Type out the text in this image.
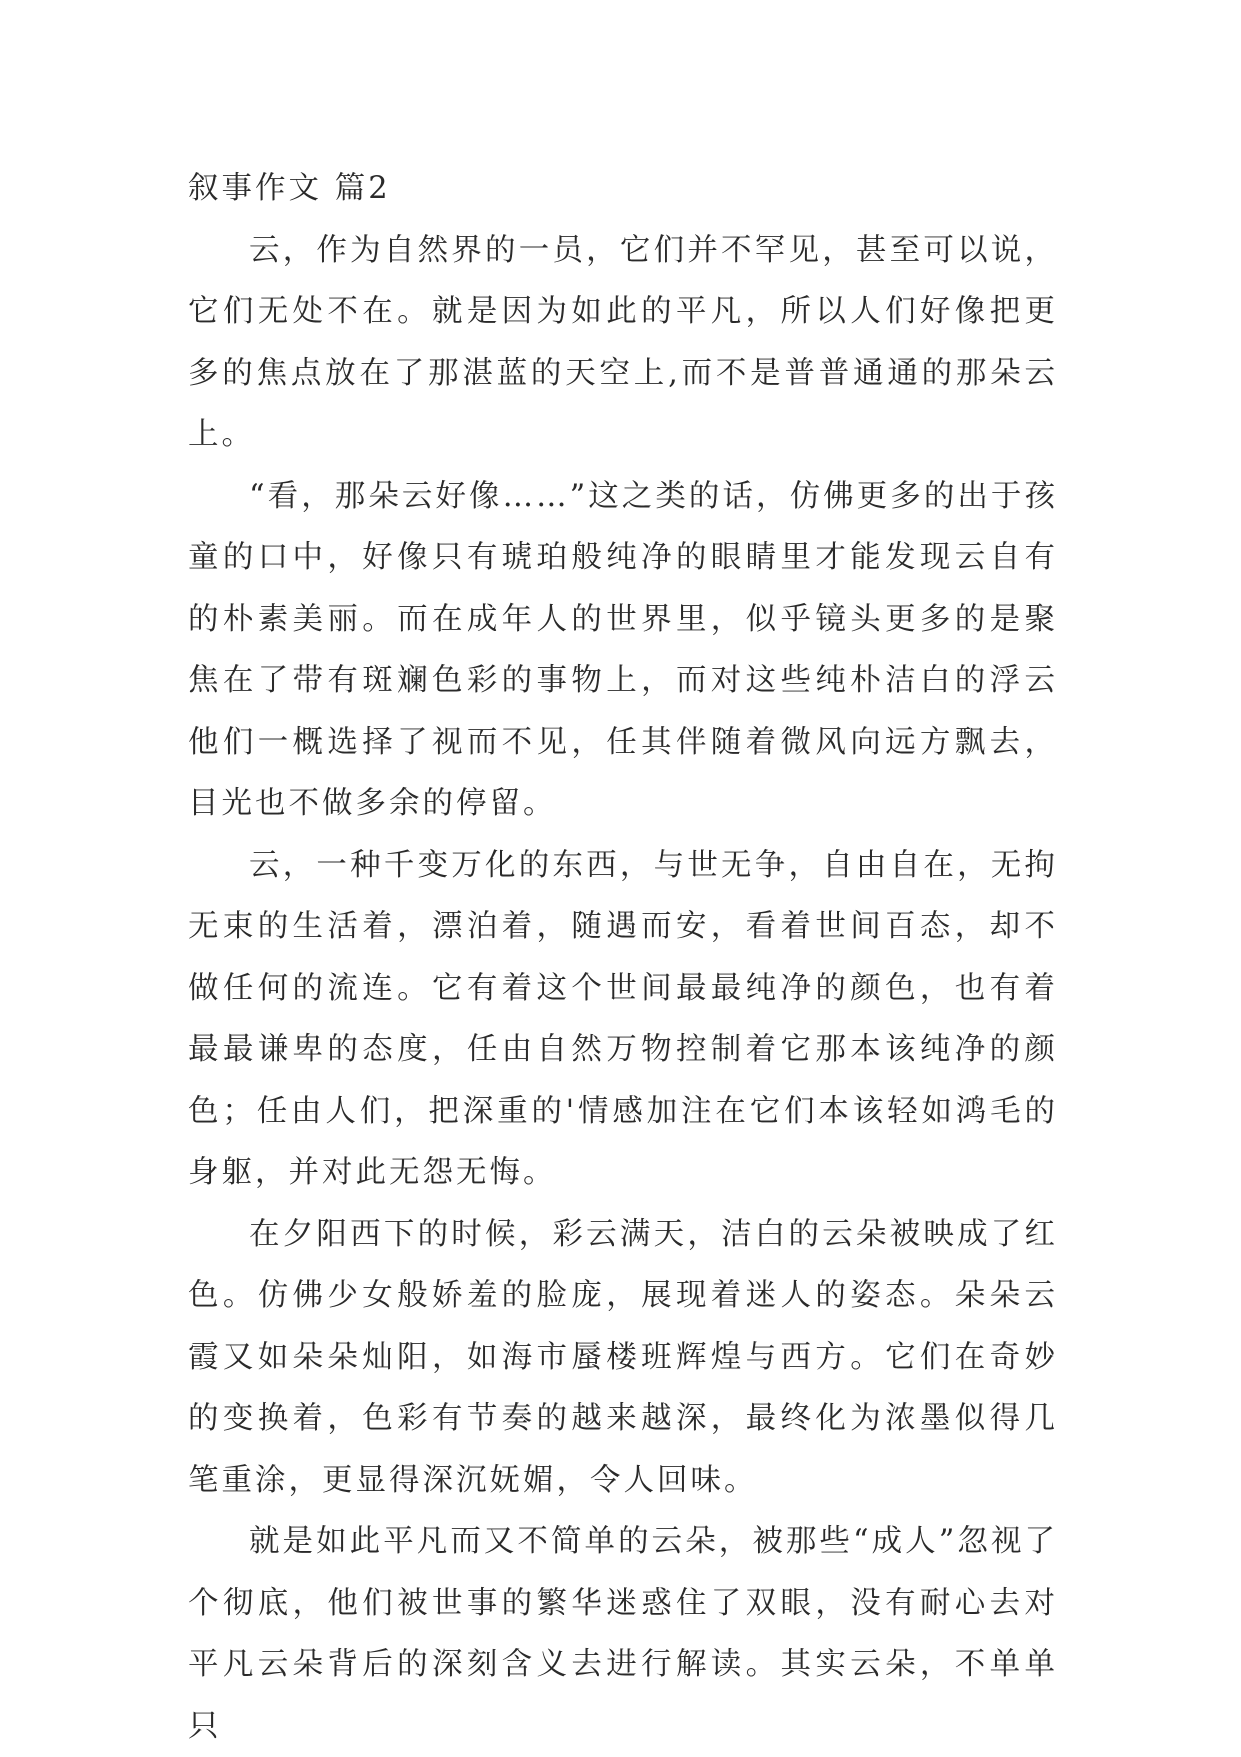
叙事作文 篇2

云，作为自然界的一员，它们并不罕见，甚至可以说，它们无处不在。就是因为如此的平凡，所以人们好像把更多的焦点放在了那湛蓝的天空上,而不是普普通通的那朵云上。

“看，那朵云好像……”这之类的话，仿佛更多的出于孩童的口中，好像只有琥珀般纯净的眼睛里才能发现云自有的朴素美丽。而在成年人的世界里，似乎镜头更多的是聚焦在了带有斑斓色彩的事物上，而对这些纯朴洁白的浮云他们一概选择了视而不见，任其伴随着微风向远方飘去，目光也不做多余的停留。

云，一种千变万化的东西，与世无争，自由自在，无拘无束的生活着，漂泊着，随遇而安，看着世间百态，却不做任何的流连。它有着这个世间最最纯净的颜色，也有着最最谦卑的态度，任由自然万物控制着它那本该纯净的颜色；任由人们，把深重的'情感加注在它们本该轻如鸿毛的身躯，并对此无怨无悔。

在夕阳西下的时候，彩云满天，洁白的云朵被映成了红色。仿佛少女般娇羞的脸庞，展现着迷人的姿态。朵朵云霞又如朵朵灿阳，如海市蜃楼班辉煌与西方。它们在奇妙的变换着，色彩有节奏的越来越深，最终化为浓墨似得几笔重涂，更显得深沉妩媚，令人回味。

就是如此平凡而又不简单的云朵，被那些“成人”忽视了个彻底，他们被世事的繁华迷惑住了双眼，没有耐心去对平凡云朵背后的深刻含义去进行解读。其实云朵，不单单只
